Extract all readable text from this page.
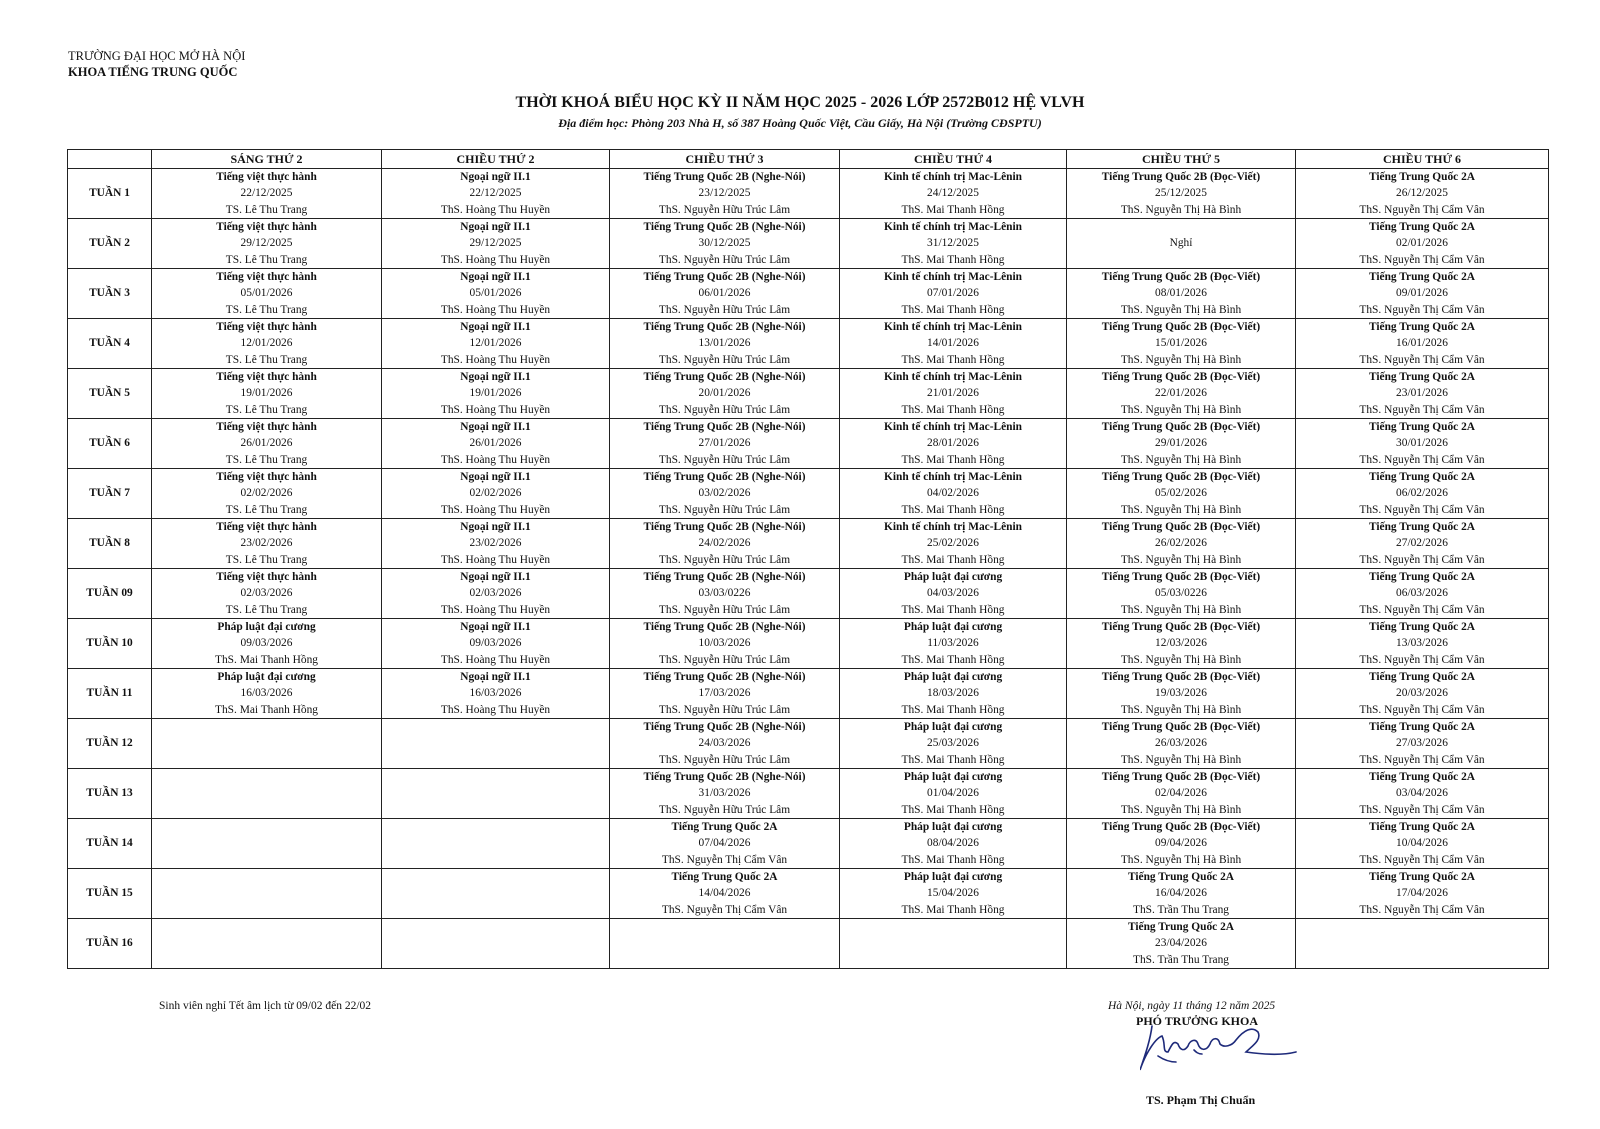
TRƯỜNG ĐẠI HỌC MỞ HÀ NỘI
KHOA TIẾNG TRUNG QUỐC
THỜI KHOÁ BIỂU HỌC KỲ II NĂM HỌC 2025 - 2026 LỚP 2572B012 HỆ VLVH
Địa điểm học: Phòng 203 Nhà H, số 387 Hoàng Quốc Việt, Cầu Giấy, Hà Nội (Trường CĐSPTU)
	SÁNG THỨ 2	CHIỀU THỨ 2	CHIỀU THỨ 3	CHIỀU THỨ 4	CHIỀU THỨ 5	CHIỀU THỨ 6
TUẦN 1	Tiếng việt thực hành
22/12/2025
TS. Lê Thu Trang	Ngoại ngữ II.1
22/12/2025
ThS. Hoàng Thu Huyền	Tiếng Trung Quốc 2B (Nghe-Nói)
23/12/2025
ThS. Nguyễn Hữu Trúc Lâm	Kinh tế chính trị Mac-Lênin
24/12/2025
ThS. Mai Thanh Hồng	Tiếng Trung Quốc 2B (Đọc-Viết)
25/12/2025
ThS. Nguyễn Thị Hà Bình	Tiếng Trung Quốc 2A
26/12/2025
ThS. Nguyễn Thị Cẩm Vân

TUẦN 2	Tiếng việt thực hành
29/12/2025
TS. Lê Thu Trang	Ngoại ngữ II.1
29/12/2025
ThS. Hoàng Thu Huyền	Tiếng Trung Quốc 2B (Nghe-Nói)
30/12/2025
ThS. Nguyễn Hữu Trúc Lâm	Kinh tế chính trị Mac-Lênin
31/12/2025
ThS. Mai Thanh Hồng	Nghỉ	Tiếng Trung Quốc 2A
02/01/2026
ThS. Nguyễn Thị Cẩm Vân

TUẦN 3	Tiếng việt thực hành
05/01/2026
TS. Lê Thu Trang	Ngoại ngữ II.1
05/01/2026
ThS. Hoàng Thu Huyền	Tiếng Trung Quốc 2B (Nghe-Nói)
06/01/2026
ThS. Nguyễn Hữu Trúc Lâm	Kinh tế chính trị Mac-Lênin
07/01/2026
ThS. Mai Thanh Hồng	Tiếng Trung Quốc 2B (Đọc-Viết)
08/01/2026
ThS. Nguyễn Thị Hà Bình	Tiếng Trung Quốc 2A
09/01/2026
ThS. Nguyễn Thị Cẩm Vân

TUẦN 4	Tiếng việt thực hành
12/01/2026
TS. Lê Thu Trang	Ngoại ngữ II.1
12/01/2026
ThS. Hoàng Thu Huyền	Tiếng Trung Quốc 2B (Nghe-Nói)
13/01/2026
ThS. Nguyễn Hữu Trúc Lâm	Kinh tế chính trị Mac-Lênin
14/01/2026
ThS. Mai Thanh Hồng	Tiếng Trung Quốc 2B (Đọc-Viết)
15/01/2026
ThS. Nguyễn Thị Hà Bình	Tiếng Trung Quốc 2A
16/01/2026
ThS. Nguyễn Thị Cẩm Vân

TUẦN 5	Tiếng việt thực hành
19/01/2026
TS. Lê Thu Trang	Ngoại ngữ II.1
19/01/2026
ThS. Hoàng Thu Huyền	Tiếng Trung Quốc 2B (Nghe-Nói)
20/01/2026
ThS. Nguyễn Hữu Trúc Lâm	Kinh tế chính trị Mac-Lênin
21/01/2026
ThS. Mai Thanh Hồng	Tiếng Trung Quốc 2B (Đọc-Viết)
22/01/2026
ThS. Nguyễn Thị Hà Bình	Tiếng Trung Quốc 2A
23/01/2026
ThS. Nguyễn Thị Cẩm Vân

TUẦN 6	Tiếng việt thực hành
26/01/2026
TS. Lê Thu Trang	Ngoại ngữ II.1
26/01/2026
ThS. Hoàng Thu Huyền	Tiếng Trung Quốc 2B (Nghe-Nói)
27/01/2026
ThS. Nguyễn Hữu Trúc Lâm	Kinh tế chính trị Mac-Lênin
28/01/2026
ThS. Mai Thanh Hồng	Tiếng Trung Quốc 2B (Đọc-Viết)
29/01/2026
ThS. Nguyễn Thị Hà Bình	Tiếng Trung Quốc 2A
30/01/2026
ThS. Nguyễn Thị Cẩm Vân

TUẦN 7	Tiếng việt thực hành
02/02/2026
TS. Lê Thu Trang	Ngoại ngữ II.1
02/02/2026
ThS. Hoàng Thu Huyền	Tiếng Trung Quốc 2B (Nghe-Nói)
03/02/2026
ThS. Nguyễn Hữu Trúc Lâm	Kinh tế chính trị Mac-Lênin
04/02/2026
ThS. Mai Thanh Hồng	Tiếng Trung Quốc 2B (Đọc-Viết)
05/02/2026
ThS. Nguyễn Thị Hà Bình	Tiếng Trung Quốc 2A
06/02/2026
ThS. Nguyễn Thị Cẩm Vân

TUẦN 8	Tiếng việt thực hành
23/02/2026
TS. Lê Thu Trang	Ngoại ngữ II.1
23/02/2026
ThS. Hoàng Thu Huyền	Tiếng Trung Quốc 2B (Nghe-Nói)
24/02/2026
ThS. Nguyễn Hữu Trúc Lâm	Kinh tế chính trị Mac-Lênin
25/02/2026
ThS. Mai Thanh Hồng	Tiếng Trung Quốc 2B (Đọc-Viết)
26/02/2026
ThS. Nguyễn Thị Hà Bình	Tiếng Trung Quốc 2A
27/02/2026
ThS. Nguyễn Thị Cẩm Vân

TUẦN 09	Tiếng việt thực hành
02/03/2026
TS. Lê Thu Trang	Ngoại ngữ II.1
02/03/2026
ThS. Hoàng Thu Huyền	Tiếng Trung Quốc 2B (Nghe-Nói)
03/03/0226
ThS. Nguyễn Hữu Trúc Lâm	Pháp luật đại cương
04/03/2026
ThS. Mai Thanh Hồng	Tiếng Trung Quốc 2B (Đọc-Viết)
05/03/0226
ThS. Nguyễn Thị Hà Bình	Tiếng Trung Quốc 2A
06/03/2026
ThS. Nguyễn Thị Cẩm Vân

TUẦN 10	Pháp luật đại cương
09/03/2026
ThS. Mai Thanh Hồng	Ngoại ngữ II.1
09/03/2026
ThS. Hoàng Thu Huyền	Tiếng Trung Quốc 2B (Nghe-Nói)
10/03/2026
ThS. Nguyễn Hữu Trúc Lâm	Pháp luật đại cương
11/03/2026
ThS. Mai Thanh Hồng	Tiếng Trung Quốc 2B (Đọc-Viết)
12/03/2026
ThS. Nguyễn Thị Hà Bình	Tiếng Trung Quốc 2A
13/03/2026
ThS. Nguyễn Thị Cẩm Vân

TUẦN 11	Pháp luật đại cương
16/03/2026
ThS. Mai Thanh Hồng	Ngoại ngữ II.1
16/03/2026
ThS. Hoàng Thu Huyền	Tiếng Trung Quốc 2B (Nghe-Nói)
17/03/2026
ThS. Nguyễn Hữu Trúc Lâm	Pháp luật đại cương
18/03/2026
ThS. Mai Thanh Hồng	Tiếng Trung Quốc 2B (Đọc-Viết)
19/03/2026
ThS. Nguyễn Thị Hà Bình	Tiếng Trung Quốc 2A
20/03/2026
ThS. Nguyễn Thị Cẩm Vân

TUẦN 12			Tiếng Trung Quốc 2B (Nghe-Nói)
24/03/2026
ThS. Nguyễn Hữu Trúc Lâm	Pháp luật đại cương
25/03/2026
ThS. Mai Thanh Hồng	Tiếng Trung Quốc 2B (Đọc-Viết)
26/03/2026
ThS. Nguyễn Thị Hà Bình	Tiếng Trung Quốc 2A
27/03/2026
ThS. Nguyễn Thị Cẩm Vân

TUẦN 13			Tiếng Trung Quốc 2B (Nghe-Nói)
31/03/2026
ThS. Nguyễn Hữu Trúc Lâm	Pháp luật đại cương
01/04/2026
ThS. Mai Thanh Hồng	Tiếng Trung Quốc 2B (Đọc-Viết)
02/04/2026
ThS. Nguyễn Thị Hà Bình	Tiếng Trung Quốc 2A
03/04/2026
ThS. Nguyễn Thị Cẩm Vân

TUẦN 14			Tiếng Trung Quốc 2A
07/04/2026
ThS. Nguyễn Thị Cẩm Vân	Pháp luật đại cương
08/04/2026
ThS. Mai Thanh Hồng	Tiếng Trung Quốc 2B (Đọc-Viết)
09/04/2026
ThS. Nguyễn Thị Hà Bình	Tiếng Trung Quốc 2A
10/04/2026
ThS. Nguyễn Thị Cẩm Vân

TUẦN 15			Tiếng Trung Quốc 2A
14/04/2026
ThS. Nguyễn Thị Cẩm Vân	Pháp luật đại cương
15/04/2026
ThS. Mai Thanh Hồng	Tiếng Trung Quốc 2A
16/04/2026
ThS. Trần Thu Trang	Tiếng Trung Quốc 2A
17/04/2026
ThS. Nguyễn Thị Cẩm Vân

TUẦN 16					Tiếng Trung Quốc 2A
23/04/2026
ThS. Trần Thu Trang	

Sinh viên nghỉ Tết âm lịch từ 09/02 đến 22/02	Hà Nội, ngày 11 tháng 12 năm 2025
PHÓ TRƯỞNG KHOA
TS. Phạm Thị Chuẩn
